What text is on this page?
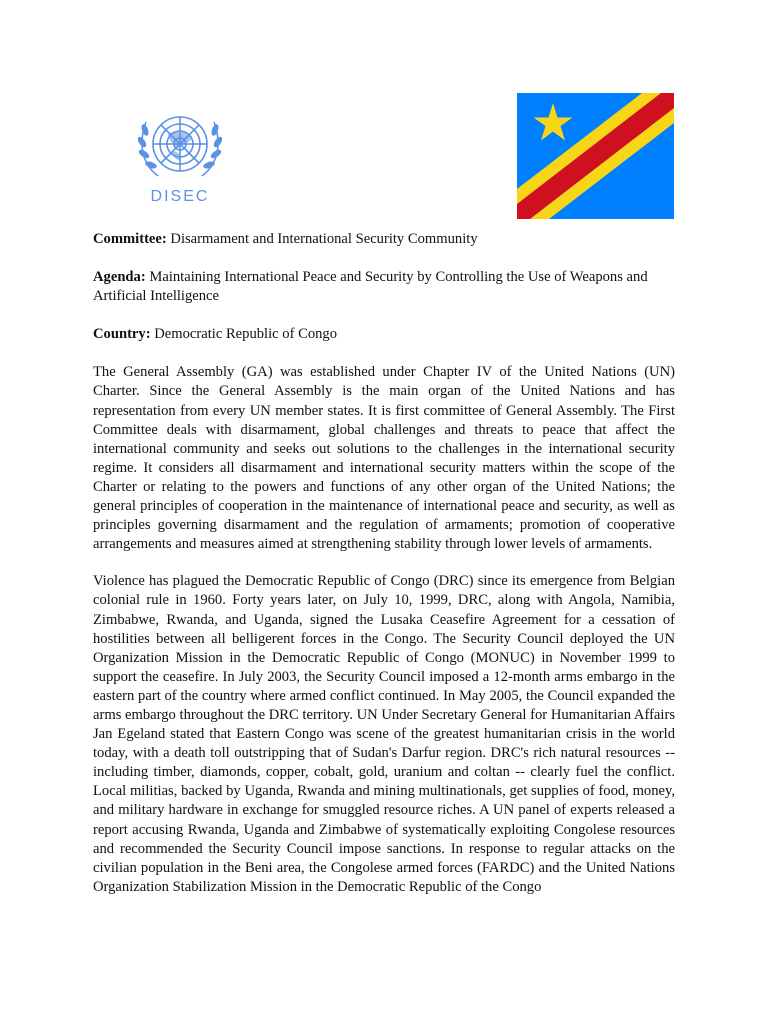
DISEC

Committee: Disarmament and International Security Community

Agenda: Maintaining International Peace and Security by Controlling the Use of Weapons and Artificial Intelligence

Country: Democratic Republic of Congo

The General Assembly (GA) was established under Chapter IV of the United Nations (UN) Charter. Since the General Assembly is the main organ of the United Nations and has representation from every UN member states. It is first committee of General Assembly. The First Committee deals with disarmament, global challenges and threats to peace that affect the international community and seeks out solutions to the challenges in the international security regime. It considers all disarmament and international security matters within the scope of the Charter or relating to the powers and functions of any other organ of the United Nations; the general principles of cooperation in the maintenance of international peace and security, as well as principles governing disarmament and the regulation of armaments; promotion of cooperative arrangements and measures aimed at strengthening stability through lower levels of armaments.

Violence has plagued the Democratic Republic of Congo (DRC) since its emergence from Belgian colonial rule in 1960. Forty years later, on July 10, 1999, DRC, along with Angola, Namibia, Zimbabwe, Rwanda, and Uganda, signed the Lusaka Ceasefire Agreement for a cessation of hostilities between all belligerent forces in the Congo. The Security Council deployed the UN Organization Mission in the Democratic Republic of Congo (MONUC) in November 1999 to support the ceasefire. In July 2003, the Security Council imposed a 12-month arms embargo in the eastern part of the country where armed conflict continued. In May 2005, the Council expanded the arms embargo throughout the DRC territory. UN Under Secretary General for Humanitarian Affairs Jan Egeland stated that Eastern Congo was scene of the greatest humanitarian crisis in the world today, with a death toll outstripping that of Sudan's Darfur region. DRC's rich natural resources -- including timber, diamonds, copper, cobalt, gold, uranium and coltan -- clearly fuel the conflict. Local militias, backed by Uganda, Rwanda and mining multinationals, get supplies of food, money, and military hardware in exchange for smuggled resource riches. A UN panel of experts released a report accusing Rwanda, Uganda and Zimbabwe of systematically exploiting Congolese resources and recommended the Security Council impose sanctions. In response to regular attacks on the civilian population in the Beni area, the Congolese armed forces (FARDC) and the United Nations Organization Stabilization Mission in the Democratic Republic of the Congo
